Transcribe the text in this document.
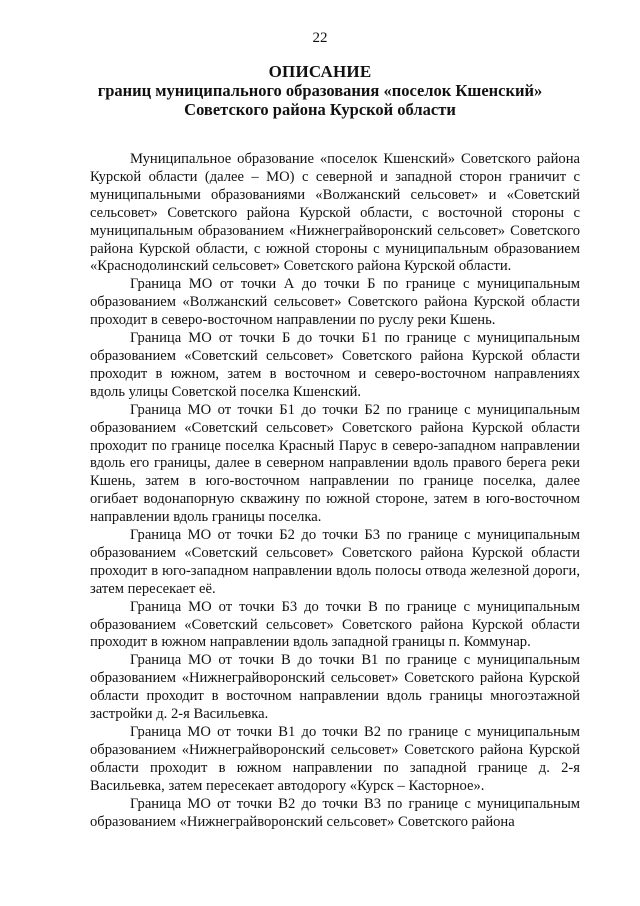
22
ОПИСАНИЕ
границ муниципального образования «поселок Кшенский»
Советского района Курской области

Муниципальное образование «поселок Кшенский» Советского района Курской области (далее – МО) с северной и западной сторон граничит с муниципальными образованиями «Волжанский сельсовет» и «Советский сельсовет» Советского района Курской области, с восточной стороны с муниципальным образованием «Нижнеграйворонский сельсовет» Советского района Курской области, с южной стороны с муниципальным образованием «Краснодолинский сельсовет» Советского района Курской области.

Граница МО от точки А до точки Б по границе с муниципальным образованием «Волжанский сельсовет» Советского района Курской области проходит в северо-восточном направлении по руслу реки Кшень.

Граница МО от точки Б до точки Б1 по границе с муниципальным образованием «Советский сельсовет» Советского района Курской области проходит в южном, затем в восточном и северо-восточном направлениях вдоль улицы Советской поселка Кшенский.

Граница МО от точки Б1 до точки Б2 по границе с муниципальным образованием «Советский сельсовет» Советского района Курской области проходит по границе поселка Красный Парус в северо-западном направлении вдоль его границы, далее в северном направлении вдоль правого берега реки Кшень, затем в юго-восточном направлении по границе поселка, далее огибает водонапорную скважину по южной стороне, затем в юго-восточном направлении вдоль границы поселка.

Граница МО от точки Б2 до точки Б3 по границе с муниципальным образованием «Советский сельсовет» Советского района Курской области проходит в юго-западном направлении вдоль полосы отвода железной дороги, затем пересекает её.

Граница МО от точки Б3 до точки В по границе с муниципальным образованием «Советский сельсовет» Советского района Курской области проходит в южном направлении вдоль западной границы п. Коммунар.

Граница МО от точки В до точки В1 по границе с муниципальным образованием «Нижнеграйворонский сельсовет» Советского района Курской области проходит в восточном направлении вдоль границы многоэтажной застройки д. 2-я Васильевка.

Граница МО от точки В1 до точки В2 по границе с муниципальным образованием «Нижнеграйворонский сельсовет» Советского района Курской области проходит в южном направлении по западной границе д. 2-я Васильевка, затем пересекает автодорогу «Курск – Касторное».

Граница МО от точки В2 до точки В3 по границе с муниципальным образованием «Нижнеграйворонский сельсовет» Советского района
